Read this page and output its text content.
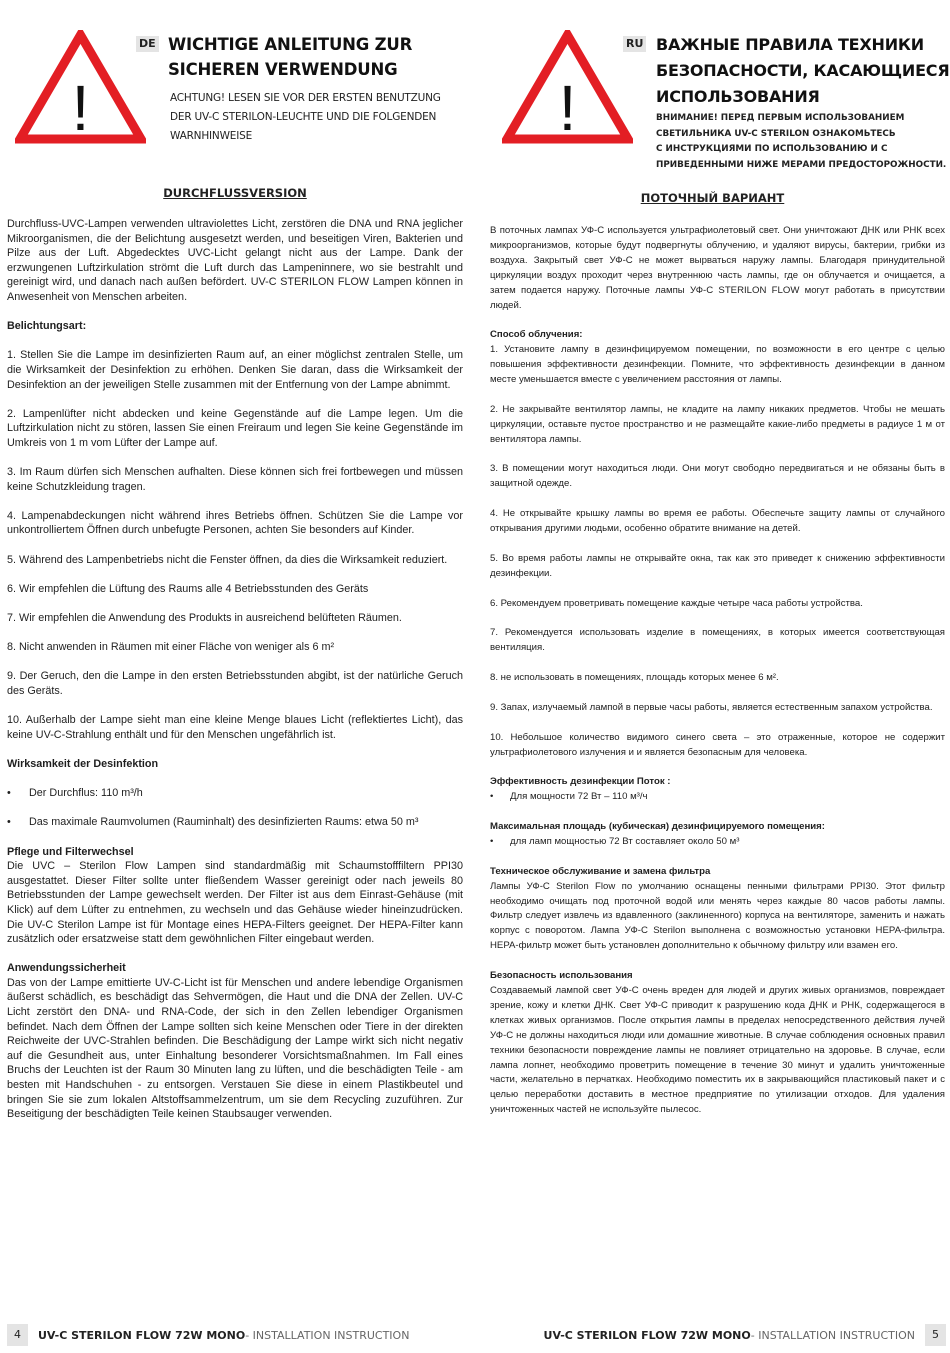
!
DE WICHTIGE ANLEITUNG ZUR
SICHEREN VERWENDUNG
ACHTUNG! LESEN SIE VOR DER ERSTEN BENUTZUNG
DER UV-C STERILON-LEUCHTE UND DIE FOLGENDEN
WARNHINWEISE
DURCHFLUSSVERSION

Durchfluss-UVC-Lampen verwenden ultraviolettes Licht, zerstören die DNA und RNA jeglicher Mikroorganismen, die der Belichtung ausgesetzt werden, und beseitigen Viren, Bakterien und Pilze aus der Luft. Abgedecktes UVC-Licht gelangt nicht aus der Lampe. Dank der erzwungenen Luftzirkulation strömt die Luft durch das Lampeninnere, wo sie bestrahlt und gereinigt wird, und danach nach außen befördert. UV-C STERILON FLOW Lampen können in Anwesenheit von Menschen arbeiten.

Belichtungsart:

1. Stellen Sie die Lampe im desinfizierten Raum auf, an einer möglichst zentralen Stelle, um die Wirksamkeit der Desinfektion zu erhöhen. Denken Sie daran, dass die Wirksamkeit der Desinfektion an der jeweiligen Stelle zusammen mit der Entfernung von der Lampe abnimmt.

2. Lampenlüfter nicht abdecken und keine Gegenstände auf die Lampe legen. Um die Luftzirkulation nicht zu stören, lassen Sie einen Freiraum und legen Sie keine Gegenstände im Umkreis von 1 m vom Lüfter der Lampe auf.

3. Im Raum dürfen sich Menschen aufhalten. Diese können sich frei fortbewegen und müssen keine Schutzkleidung tragen.

4. Lampenabdeckungen nicht während ihres Betriebs öffnen. Schützen Sie die Lampe vor unkontrolliertem Öffnen durch unbefugte Personen, achten Sie besonders auf Kinder.

5. Während des Lampenbetriebs nicht die Fenster öffnen, da dies die Wirksamkeit reduziert.

6. Wir empfehlen die Lüftung des Raums alle 4 Betriebsstunden des Geräts

7. Wir empfehlen die Anwendung des Produkts in ausreichend belüfteten Räumen.

8. Nicht anwenden in Räumen mit einer Fläche von weniger als 6 m²

9. Der Geruch, den die Lampe in den ersten Betriebsstunden abgibt, ist der natürliche Geruch des Geräts.

10. Außerhalb der Lampe sieht man eine kleine Menge blaues Licht (reflektiertes Licht), das keine UV-C-Strahlung enthält und für den Menschen ungefährlich ist.

Wirksamkeit der Desinfektion

• Der Durchflus: 110 m³/h

• Das maximale Raumvolumen (Rauminhalt) des desinfizierten Raums: etwa 50 m³

Pflege und Filterwechsel

Die UVC – Sterilon Flow Lampen sind standardmäßig mit Schaumstofffiltern PPI30 ausgestattet. Dieser Filter sollte unter fließendem Wasser gereinigt oder nach jeweils 80 Betriebsstunden der Lampe gewechselt werden. Der Filter ist aus dem Einrast-Gehäuse (mit Klick) auf dem Lüfter zu entnehmen, zu wechseln und das Gehäuse wieder hineinzudrücken. Die UV-C Sterilon Lampe ist für Montage eines HEPA-Filters geeignet. Der HEPA-Filter kann zusätzlich oder ersatzweise statt dem gewöhnlichen Filter eingebaut werden.

Anwendungssicherheit

Das von der Lampe emittierte UV-C-Licht ist für Menschen und andere lebendige Organismen äußerst schädlich, es beschädigt das Sehvermögen, die Haut und die DNA der Zellen. UV-C Licht zerstört den DNA- und RNA-Code, der sich in den Zellen lebendiger Organismen befindet. Nach dem Öffnen der Lampe sollten sich keine Menschen oder Tiere in der direkten Reichweite der UVC-Strahlen befinden. Die Beschädigung der Lampe wirkt sich nicht negativ auf die Gesundheit aus, unter Einhaltung besonderer Vorsichtsmaßnahmen. Im Fall eines Bruchs der Leuchten ist der Raum 30 Minuten lang zu lüften, und die beschädigten Teile - am besten mit Handschuhen - zu entsorgen. Verstauen Sie diese in einem Plastikbeutel und bringen Sie sie zum lokalen Altstoffsammelzentrum, um sie dem Recycling zuzuführen. Zur Beseitigung der beschädigten Teile keinen Staubsauger verwenden.

4	UV-C STERILON FLOW 72W MONO - INSTALLATION INSTRUCTION
!
RU ВАЖНЫЕ ПРАВИЛА ТЕХНИКИ
БЕЗОПАСНОСТИ, КАСАЮЩИЕСЯ
ИСПОЛЬЗОВАНИЯ
ВНИМАНИЕ! ПЕРЕД ПЕРВЫМ ИСПОЛЬЗОВАНИЕМ
СВЕТИЛЬНИКА UV-C STERILON ОЗНАКОМЬТЕСЬ
С ИНСТРУКЦИЯМИ ПО ИСПОЛЬЗОВАНИЮ И С
ПРИВЕДЕННЫМИ НИЖЕ МЕРАМИ ПРЕДОСТОРОЖНОСТИ.
ПОТОЧНЫЙ ВАРИАНТ

В поточных лампах УФ-С используется ультрафиолетовый свет. Они уничтожают ДНК или РНК всех микроорганизмов, которые будут подвергнуты облучению, и удаляют вирусы, бактерии, грибки из воздуха. Закрытый свет УФ-С не может вырваться наружу лампы. Благодаря принудительной циркуляции воздух проходит через внутреннюю часть лампы, где он облучается и очищается, а затем подается наружу. Поточные лампы УФ-С STERILON FLOW могут работать в присутствии людей.

Способ облучения:

1. Установите лампу в дезинфицируемом помещении, по возможности в его центре с целью повышения эффективности дезинфекции. Помните, что эффективность дезинфекции в данном месте уменьшается вместе с увеличением расстояния от лампы.

2. Не закрывайте вентилятор лампы, не кладите на лампу никаких предметов. Чтобы не мешать циркуляции, оставьте пустое пространство и не размещайте какие-либо предметы в радиусе 1 м от вентилятора лампы.

3. В помещении могут находиться люди. Они могут свободно передвигаться и не обязаны быть в защитной одежде.

4. Не открывайте крышку лампы во время ее работы. Обеспечьте защиту лампы от случайного открывания другими людьми, особенно обратите внимание на детей.

5. Во время работы лампы не открывайте окна, так как это приведет к снижению эффективности дезинфекции.

6. Рекомендуем проветривать помещение каждые четыре часа работы устройства.

7. Рекомендуется использовать изделие в помещениях, в которых имеется соответствующая вентиляция.

8. не использовать в помещениях, площадь которых менее 6 м².

9. Запах, излучаемый лампой в первые часы работы, является естественным запахом устройства.

10. Небольшое количество видимого синего света – это отраженные, которое не содержит ультрафиолетового излучения и и является безопасным для человека.

Эффективность дезинфекции Поток :

• Для мощности 72 Вт – 110 м³/ч

Максимальная площадь (кубическая) дезинфицируемого помещения:

• для ламп мощностью 72 Вт составляет около 50 м³

Техническое обслуживание и замена фильтра

Лампы УФ-С Sterilon Flow по умолчанию оснащены пенными фильтрами PPI30. Этот фильтр необходимо очищать под проточной водой или менять через каждые 80 часов работы лампы. Фильтр следует извлечь из вдавленного (заклиненного) корпуса на вентиляторе, заменить и нажать корпус с поворотом. Лампа УФ-С Sterilon выполнена с возможностью установки HEPA-фильтра. HEPA-фильтр может быть установлен дополнительно к обычному фильтру или взамен его.

Безопасность использования

Создаваемый лампой свет УФ-С очень вреден для людей и других живых организмов, повреждает зрение, кожу и клетки ДНК. Свет УФ-С приводит к разрушению кода ДНК и РНК, содержащегося в клетках живых организмов. После открытия лампы в пределах непосредственного действия лучей УФ-С не должны находиться люди или домашние животные. В случае соблюдения основных правил техники безопасности повреждение лампы не повлияет отрицательно на здоровье. В случае, если лампа лопнет, необходимо проветрить помещение в течение 30 минут и удалить уничтоженные части, желательно в перчатках. Необходимо поместить их в закрывающийся пластиковый пакет и с целью переработки доставить в местное предприятие по утилизации отходов. Для удаления уничтоженных частей не используйте пылесос.

UV-C STERILON FLOW 72W MONO - INSTALLATION INSTRUCTION	5
